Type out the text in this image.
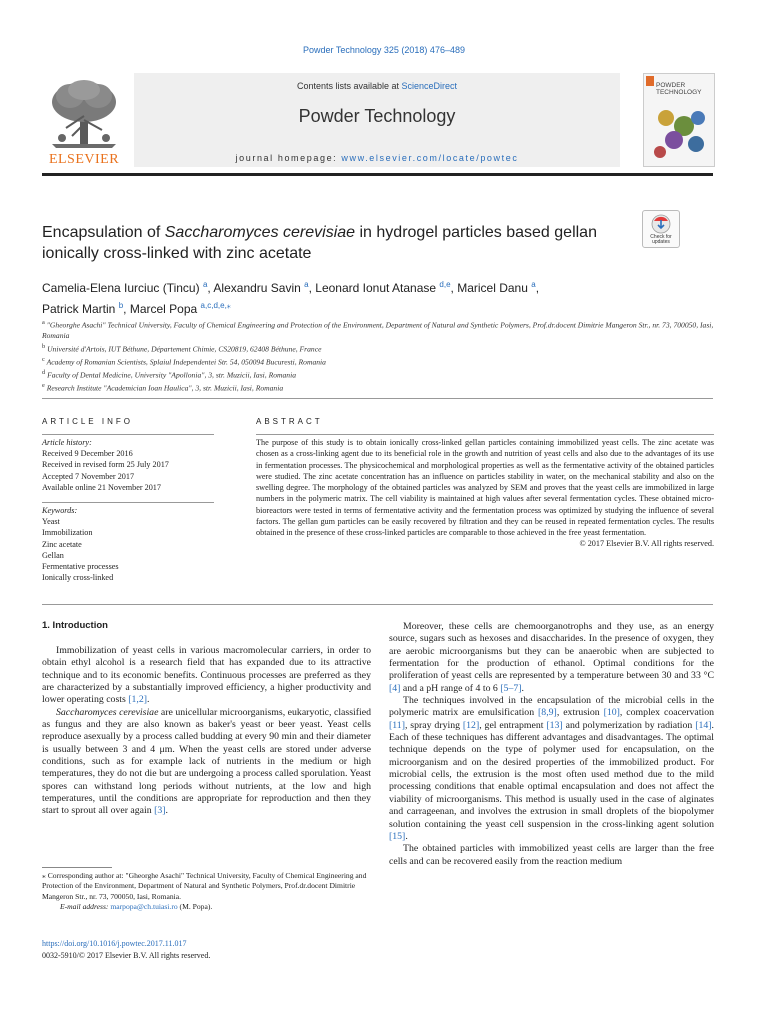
Powder Technology 325 (2018) 476–489
ELSEVIER
Contents lists available at ScienceDirect
Powder Technology
journal homepage: www.elsevier.com/locate/powtec
POWDER
TECHNOLOGY
Encapsulation of Saccharomyces cerevisiae in hydrogel particles based gellan ionically cross-linked with zinc acetate
Check for updates
Camelia-Elena Iurciuc (Tincu) $^a$, Alexandru Savin $^a$, Leonard Ionut Atanase $^{d,e}$, Maricel Danu $^a$,
Patrick Martin $^b$, Marcel Popa $^{a,c,d,e,⁎}$
$^a$ "Gheorghe Asachi" Technical University, Faculty of Chemical Engineering and Protection of the Environment, Department of Natural and Synthetic Polymers, Prof.dr.docent Dimitrie Mangeron Str., nr. 73, 700050, Iasi, Romania
$^b$ Université d'Artois, IUT Béthune, Département Chimie, CS20819, 62408 Béthune, France
$^c$ Academy of Romanian Scientists, Splaiul Independentei Str. 54, 050094 Bucuresti, Romania
$^d$ Faculty of Dental Medicine, University "Apollonia", 3, str. Muzicii, Iasi, Romania
$^e$ Research Institute "Academician Ioan Haulica", 3, str. Muzicii, Iasi, Romania
ARTICLE INFO
Article history:
Received 9 December 2016
Received in revised form 25 July 2017
Accepted 7 November 2017
Available online 21 November 2017
Keywords:
Yeast
Immobilization
Zinc acetate
Gellan
Fermentative processes
Ionically cross-linked
ABSTRACT
The purpose of this study is to obtain ionically cross-linked gellan particles containing immobilized yeast cells. The zinc acetate was chosen as a cross-linking agent due to its beneficial role in the growth and nutrition of yeast cells and also due to the advantages of its use in fermentation processes. The physicochemical and morphological properties as well as the fermentative activity of the obtained particles were studied. The zinc acetate concentration has an influence on particles stability in water, on the mechanical stability and also on the swelling degree. The morphology of the obtained particles was analyzed by SEM and proves that the yeast cells are immobilized in large numbers in the polymeric matrix. The cell viability is maintained at high values after several fermentation cycles. These obtained micro-bioreactors were tested in terms of fermentative activity and the fermentation process was optimized by studying the influence of several factors. The gellan gum particles can be easily recovered by filtration and they can be reused in repeated fermentation cycles. The results obtained in the presence of these cross-linked particles are comparable to those achieved in the free yeast fermentation.
© 2017 Elsevier B.V. All rights reserved.
1. Introduction

Immobilization of yeast cells in various macromolecular carriers, in order to obtain ethyl alcohol is a research field that has expanded due to its attractive technique and to its economic benefits. Continuous processes are preferred as they are characterized by a substantially improved efficiency, a higher productivity and lower operating costs [1,2].

Saccharomyces cerevisiae are unicellular microorganisms, eukaryotic, classified as fungus and they are also known as baker's yeast or beer yeast. Yeast cells reproduce asexually by a process called budding at every 90 min and their diameter is usually between 3 and 4 μm. When the yeast cells are stored under adverse conditions, such as for example lack of nutrients in the medium or high temperatures, they do not die but are undergoing a process called sporulation. Yeast spores can withstand long periods without nutrients, at the low and high temperatures, until the conditions are appropriate for reproduction and then they start to sprout all over again [3].

Moreover, these cells are chemoorganotrophs and they use, as an energy source, sugars such as hexoses and disaccharides. In the presence of oxygen, they are aerobic microorganisms but they can be anaerobic when are subjected to fermentation for the production of ethanol. Optimal conditions for the proliferation of yeast cells are represented by a temperature between 30 and 33 °C [4] and a pH range of 4 to 6 [5–7].

The techniques involved in the encapsulation of the microbial cells in the polymeric matrix are emulsification [8,9], extrusion [10], complex coacervation [11], spray drying [12], gel entrapment [13] and polymerization by radiation [14]. Each of these techniques has different advantages and disadvantages. The optimal technique depends on the type of polymer used for encapsulation, on the microorganism and on the desired properties of the immobilized product. For microbial cells, the extrusion is the most often used method due to the mild processing conditions that enable optimal encapsulation and does not affect the viability of microorganisms. This method is usually used in the case of alginates and carrageenan, and involves the extrusion in small droplets of the biopolymer solution containing the yeast cell suspension in the cross-linking agent solution [15].

The obtained particles with immobilized yeast cells are larger than the free cells and can be recovered easily from the reaction medium

⁎ Corresponding author at: "Gheorghe Asachi" Technical University, Faculty of Chemical Engineering and Protection of the Environment, Department of Natural and Synthetic Polymers, Prof.dr.docent Dimitrie Mangeron Str., nr. 73, 700050, Iasi, Romania.
E-mail address: marpopa@ch.tuiasi.ro (M. Popa).
https://doi.org/10.1016/j.powtec.2017.11.017
0032-5910/© 2017 Elsevier B.V. All rights reserved.
